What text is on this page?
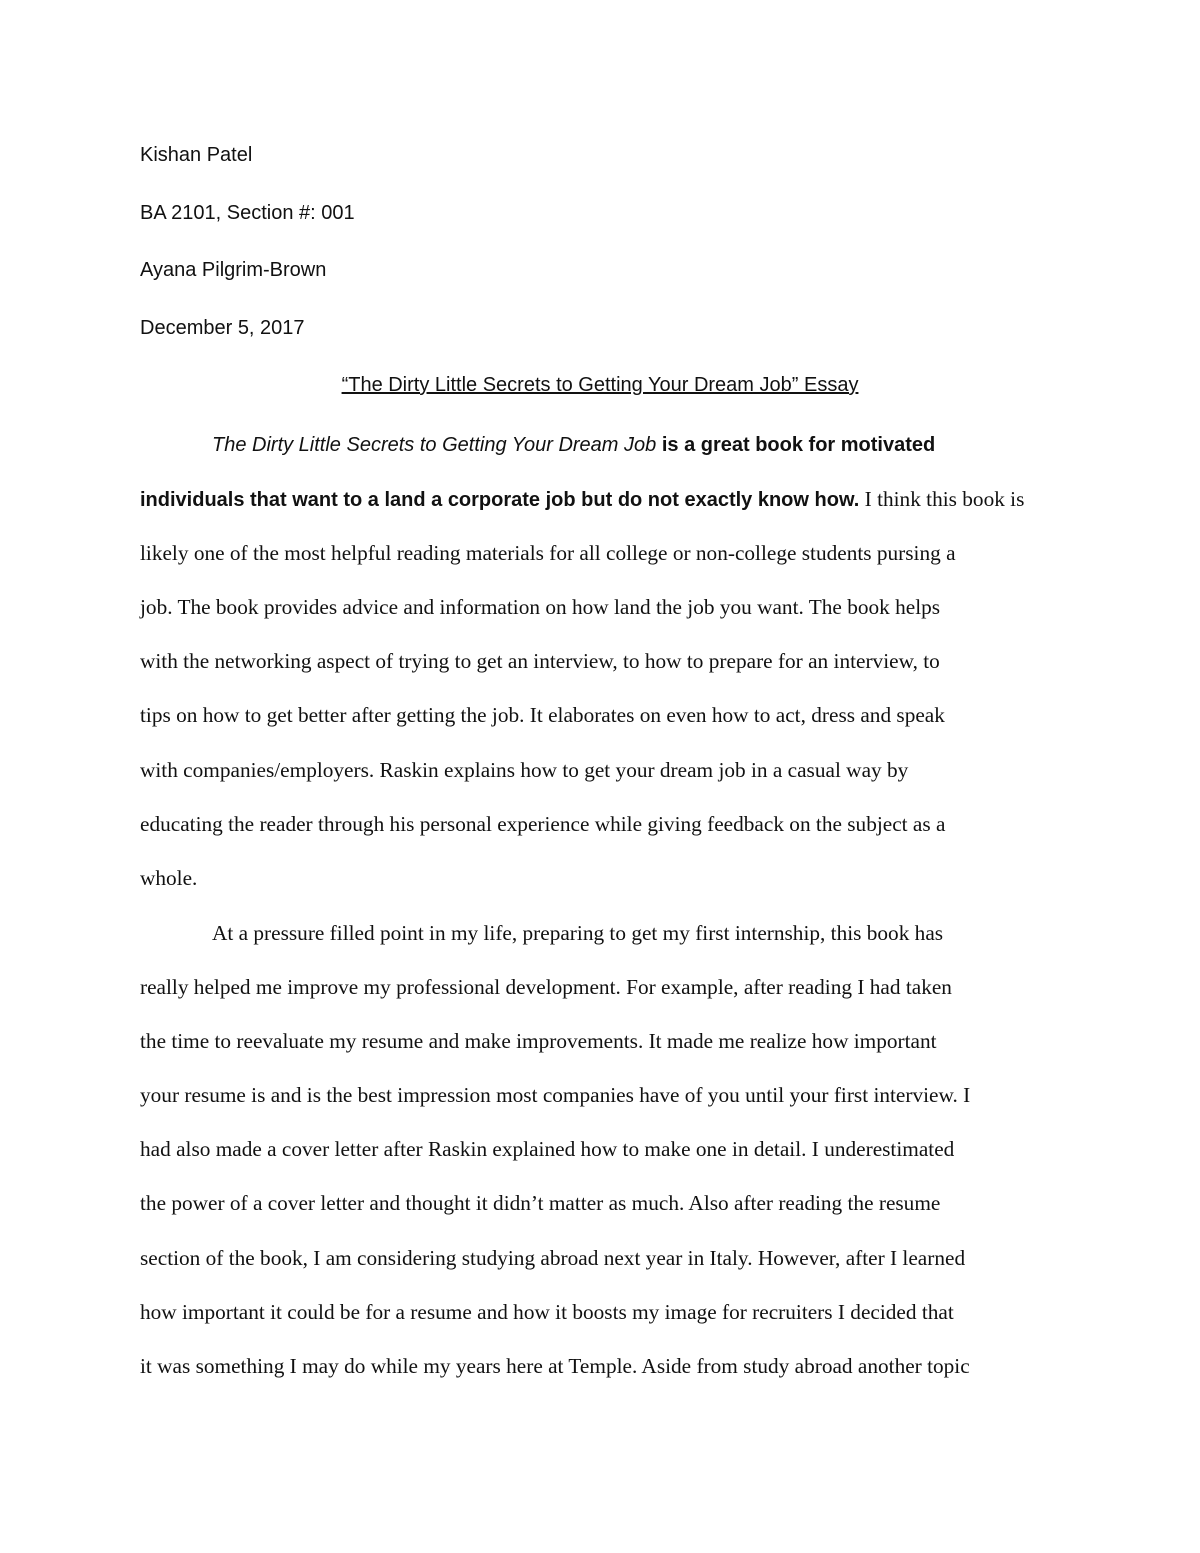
Kishan Patel
BA 2101, Section #: 001
Ayana Pilgrim-Brown
December 5, 2017
“The Dirty Little Secrets to Getting Your Dream Job” Essay
The Dirty Little Secrets to Getting Your Dream Job is a great book for motivated
individuals that want to a land a corporate job but do not exactly know how. I think this book is
likely one of the most helpful reading materials for all college or non-college students pursing a
job. The book provides advice and information on how land the job you want. The book helps
with the networking aspect of trying to get an interview, to how to prepare for an interview, to
tips on how to get better after getting the job. It elaborates on even how to act, dress and speak
with companies/employers. Raskin explains how to get your dream job in a casual way by
educating the reader through his personal experience while giving feedback on the subject as a
whole.
At a pressure filled point in my life, preparing to get my first internship, this book has
really helped me improve my professional development. For example, after reading I had taken
the time to reevaluate my resume and make improvements. It made me realize how important
your resume is and is the best impression most companies have of you until your first interview. I
had also made a cover letter after Raskin explained how to make one in detail. I underestimated
the power of a cover letter and thought it didn’t matter as much. Also after reading the resume
section of the book, I am considering studying abroad next year in Italy. However, after I learned
how important it could be for a resume and how it boosts my image for recruiters I decided that
it was something I may do while my years here at Temple. Aside from study abroad another topic
